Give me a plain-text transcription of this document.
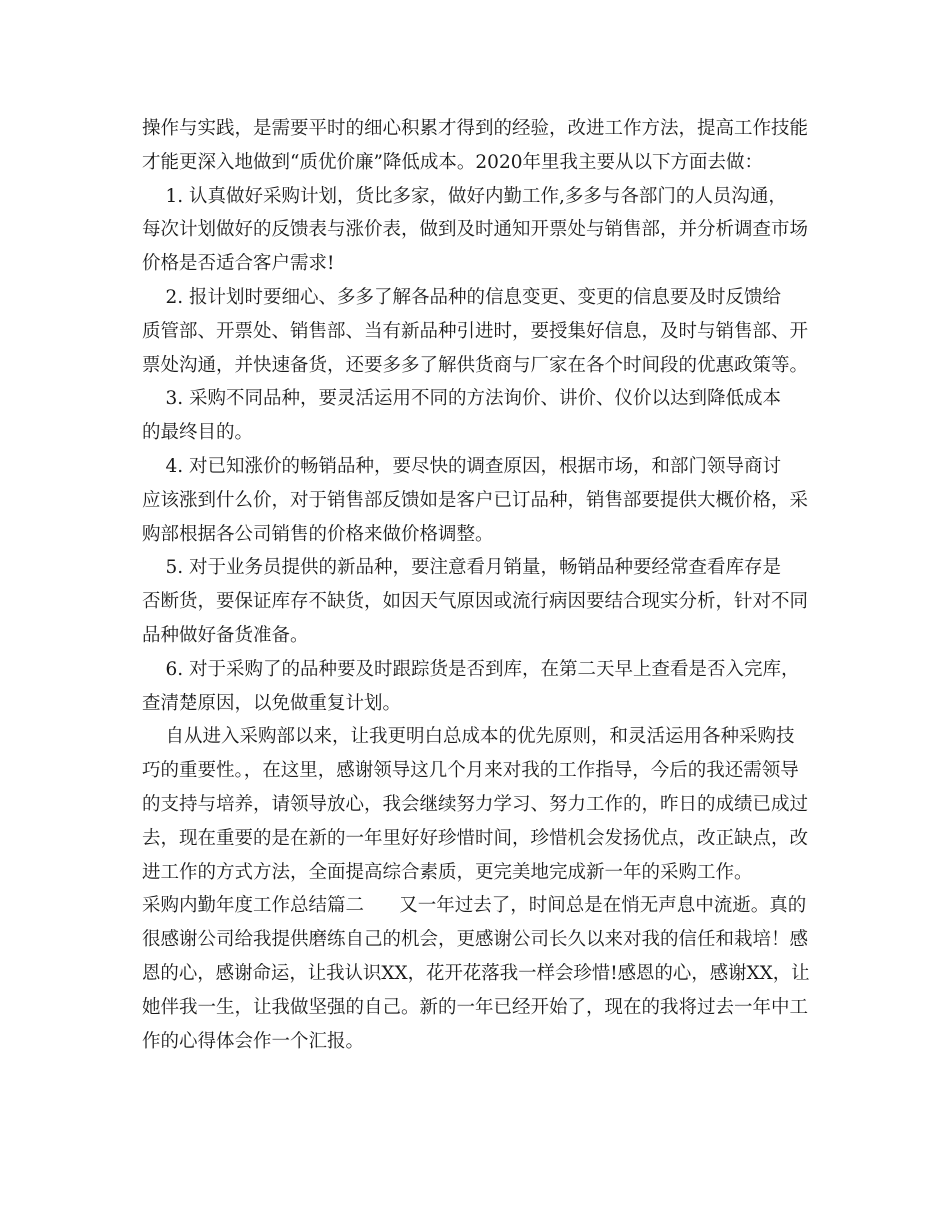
操作与实践，是需要平时的细心积累才得到的经验，改进工作方法，提高工作技能
才能更深入地做到“质优价廉”降低成本。2020年里我主要从以下方面去做：
1. 认真做好采购计划，货比多家，做好内勤工作,多多与各部门的人员沟通，
每次计划做好的反馈表与涨价表，做到及时通知开票处与销售部，并分析调查市场
价格是否适合客户需求!
2. 报计划时要细心、多多了解各品种的信息变更、变更的信息要及时反馈给
质管部、开票处、销售部、当有新品种引进时，要授集好信息，及时与销售部、开
票处沟通，并快速备货，还要多多了解供货商与厂家在各个时间段的优惠政策等。
3. 采购不同品种，要灵活运用不同的方法询价、讲价、仪价以达到降低成本
的最终目的。
4. 对已知涨价的畅销品种，要尽快的调查原因，根据市场，和部门领导商讨
应该涨到什么价，对于销售部反馈如是客户已订品种，销售部要提供大概价格，采
购部根据各公司销售的价格来做价格调整。
5. 对于业务员提供的新品种，要注意看月销量，畅销品种要经常查看库存是
否断货，要保证库存不缺货，如因天气原因或流行病因要结合现实分析，针对不同
品种做好备货准备。
6. 对于采购了的品种要及时跟踪货是否到库，在第二天早上查看是否入完库，
查清楚原因，以免做重复计划。
自从进入采购部以来，让我更明白总成本的优先原则，和灵活运用各种采购技
巧的重要性。，在这里，感谢领导这几个月来对我的工作指导，今后的我还需领导
的支持与培养，请领导放心，我会继续努力学习、努力工作的，昨日的成绩已成过
去，现在重要的是在新的一年里好好珍惜时间，珍惜机会发扬优点，改正缺点，改
进工作的方式方法，全面提高综合素质，更完美地完成新一年的采购工作。
采购内勤年度工作总结篇二      又一年过去了，时间总是在悄无声息中流逝。真的
很感谢公司给我提供磨练自己的机会，更感谢公司长久以来对我的信任和栽培！感
恩的心，感谢命运，让我认识XX，花开花落我一样会珍惜!感恩的心，感谢XX，让
她伴我一生，让我做坚强的自己。新的一年已经开始了，现在的我将过去一年中工
作的心得体会作一个汇报。
